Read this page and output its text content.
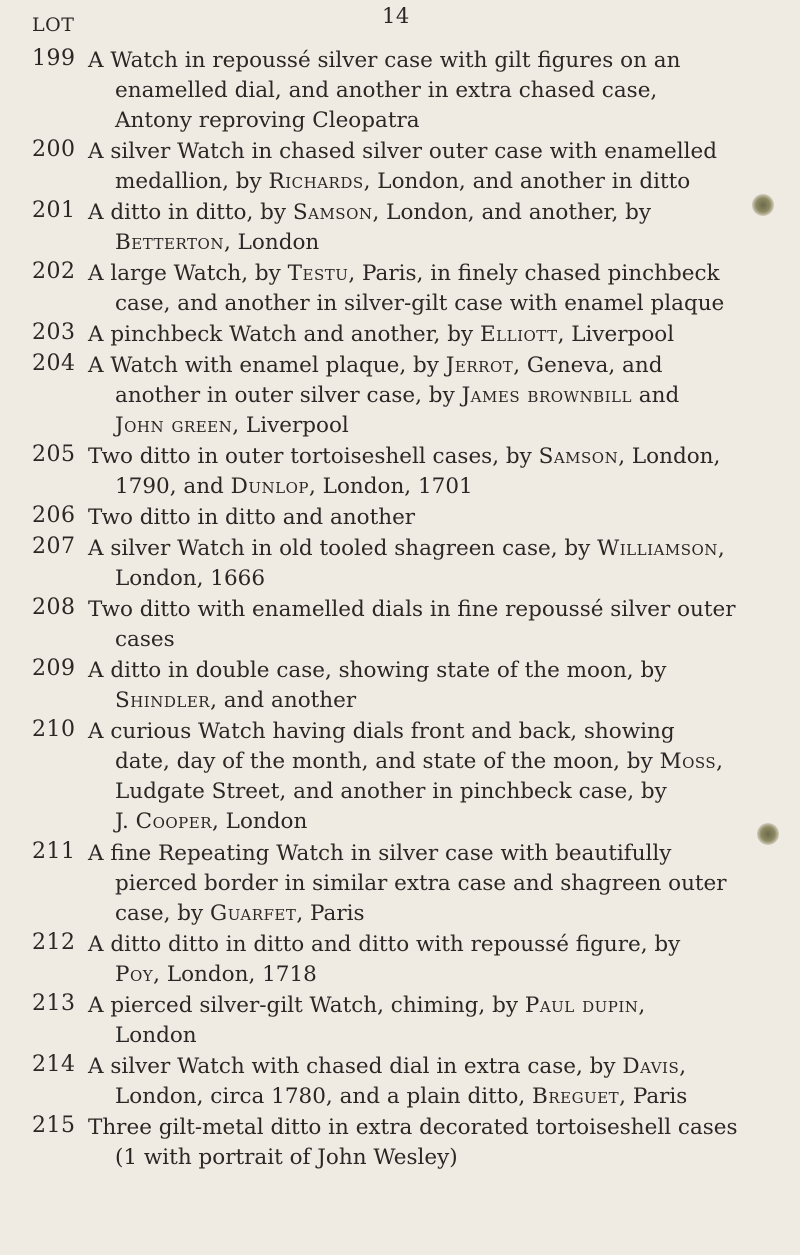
14
LOT
199 A Watch in repoussé silver case with gilt figures on an
enamelled dial, and another in extra chased case,
Antony reproving Cleopatra
200 A silver Watch in chased silver outer case with enamelled
medallion, by Richards, London, and another in ditto
201 A ditto in ditto, by Samson, London, and another, by
Betterton, London
202 A large Watch, by Testu, Paris, in finely chased pinchbeck
case, and another in silver-gilt case with enamel plaque
203 A pinchbeck Watch and another, by Elliott, Liverpool
204 A Watch with enamel plaque, by Jerrot, Geneva, and
another in outer silver case, by James brownbill and
John green, Liverpool
205 Two ditto in outer tortoiseshell cases, by Samson, London,
1790, and Dunlop, London, 1701
206 Two ditto in ditto and another
207 A silver Watch in old tooled shagreen case, by Williamson,
London, 1666
208 Two ditto with enamelled dials in fine repoussé silver outer
cases
209 A ditto in double case, showing state of the moon, by
Shindler, and another
210 A curious Watch having dials front and back, showing
date, day of the month, and state of the moon, by Moss,
Ludgate Street, and another in pinchbeck case, by
J. Cooper, London
211 A fine Repeating Watch in silver case with beautifully
pierced border in similar extra case and shagreen outer
case, by Guarfet, Paris
212 A ditto ditto in ditto and ditto with repoussé figure, by
Poy, London, 1718
213 A pierced silver-gilt Watch, chiming, by Paul dupin,
London
214 A silver Watch with chased dial in extra case, by Davis,
London, circa 1780, and a plain ditto, Breguet, Paris
215 Three gilt-metal ditto in extra decorated tortoiseshell cases
(1 with portrait of John Wesley)
